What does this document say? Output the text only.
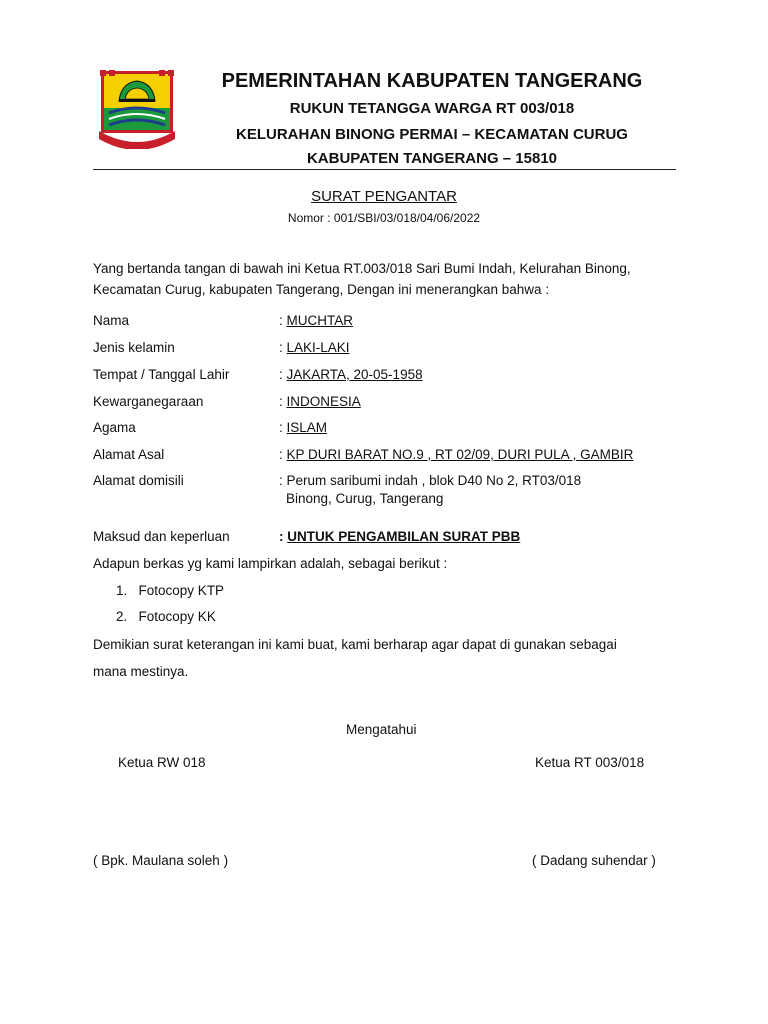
PEMERINTAHAN KABUPATEN TANGERANG
RUKUN TETANGGA WARGA RT 003/018
KELURAHAN BINONG PERMAI – KECAMATAN CURUG
KABUPATEN TANGERANG – 15810
SURAT PENGANTAR
Nomor : 001/SBI/03/018/04/06/2022
Yang bertanda tangan di bawah ini Ketua RT.003/018 Sari Bumi Indah, Kelurahan Binong,
Kecamatan Curug, kabupaten Tangerang, Dengan ini menerangkan bahwa :
Nama	: MUCHTAR
Jenis kelamin	: LAKI-LAKI
Tempat / Tanggal Lahir	: JAKARTA, 20-05-1958
Kewarganegaraan	: INDONESIA
Agama	: ISLAM
Alamat Asal	: KP DURI BARAT NO.9 , RT 02/09, DURI PULA , GAMBIR
Alamat domisili	: Perum saribumi indah , blok D40 No 2, RT03/018
Binong, Curug, Tangerang
Maksud dan keperluan	: UNTUK PENGAMBILAN SURAT PBB
Adapun berkas yg kami lampirkan adalah, sebagai berikut :
1. Fotocopy KTP
2. Fotocopy KK
Demikian surat keterangan ini kami buat, kami berharap agar dapat di gunakan sebagai
mana mestinya.
Mengatahui
Ketua RW 018	Ketua RT 003/018
( Bpk. Maulana soleh )	( Dadang suhendar )
